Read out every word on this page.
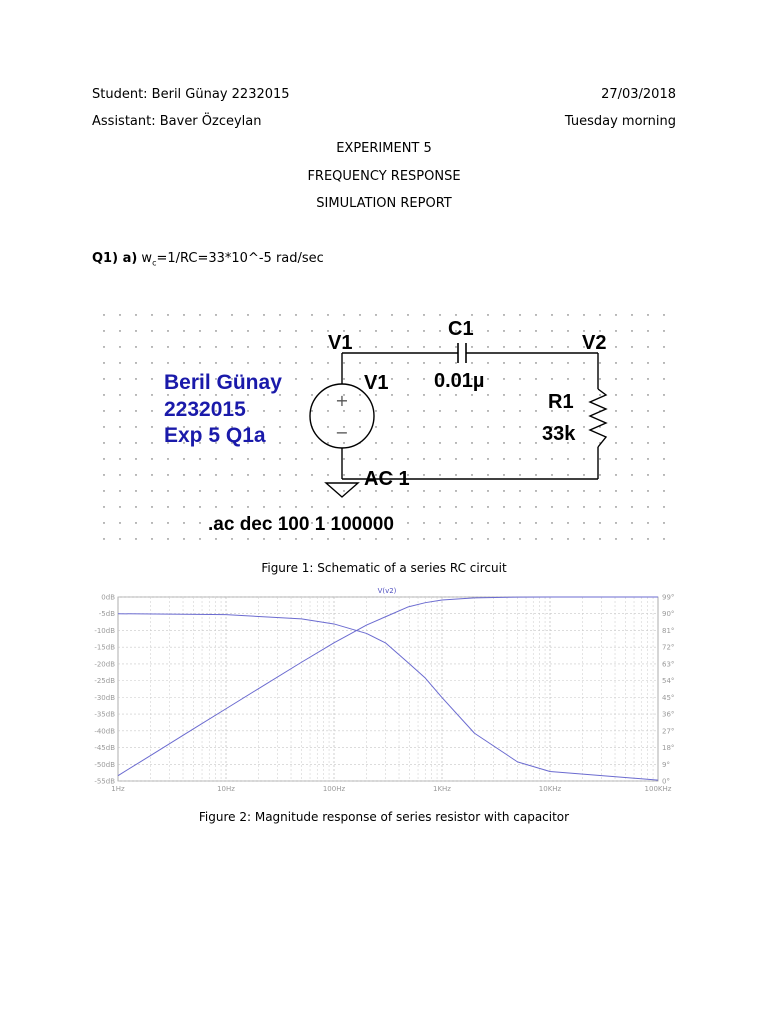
Student: Beril Günay 2232015	27/03/2018
Assistant: Baver Özceylan	Tuesday morning
EXPERIMENT 5
FREQUENCY RESPONSE
SIMULATION REPORT
Q1) a) $w_c=1/RC=33*10\^{}-5$ rad/sec
+
−
V1	V2
C1
0.01µ
V1
AC 1
R1
33k
Beril Günay
2232015
Exp 5 Q1a
.ac dec 100 1 100000
Figure 1: Schematic of a series RC circuit
V(v2)
0dB
-5dB
-10dB
-15dB
-20dB
-25dB
-30dB
-35dB
-40dB
-45dB
-50dB
-55dB
99°
90°
81°
72°
63°
54°
45°
36°
27°
18°
9°
0°
1Hz	10Hz	100Hz	1KHz	10KHz	100KHz
Figure 2: Magnitude response of series resistor with capacitor
